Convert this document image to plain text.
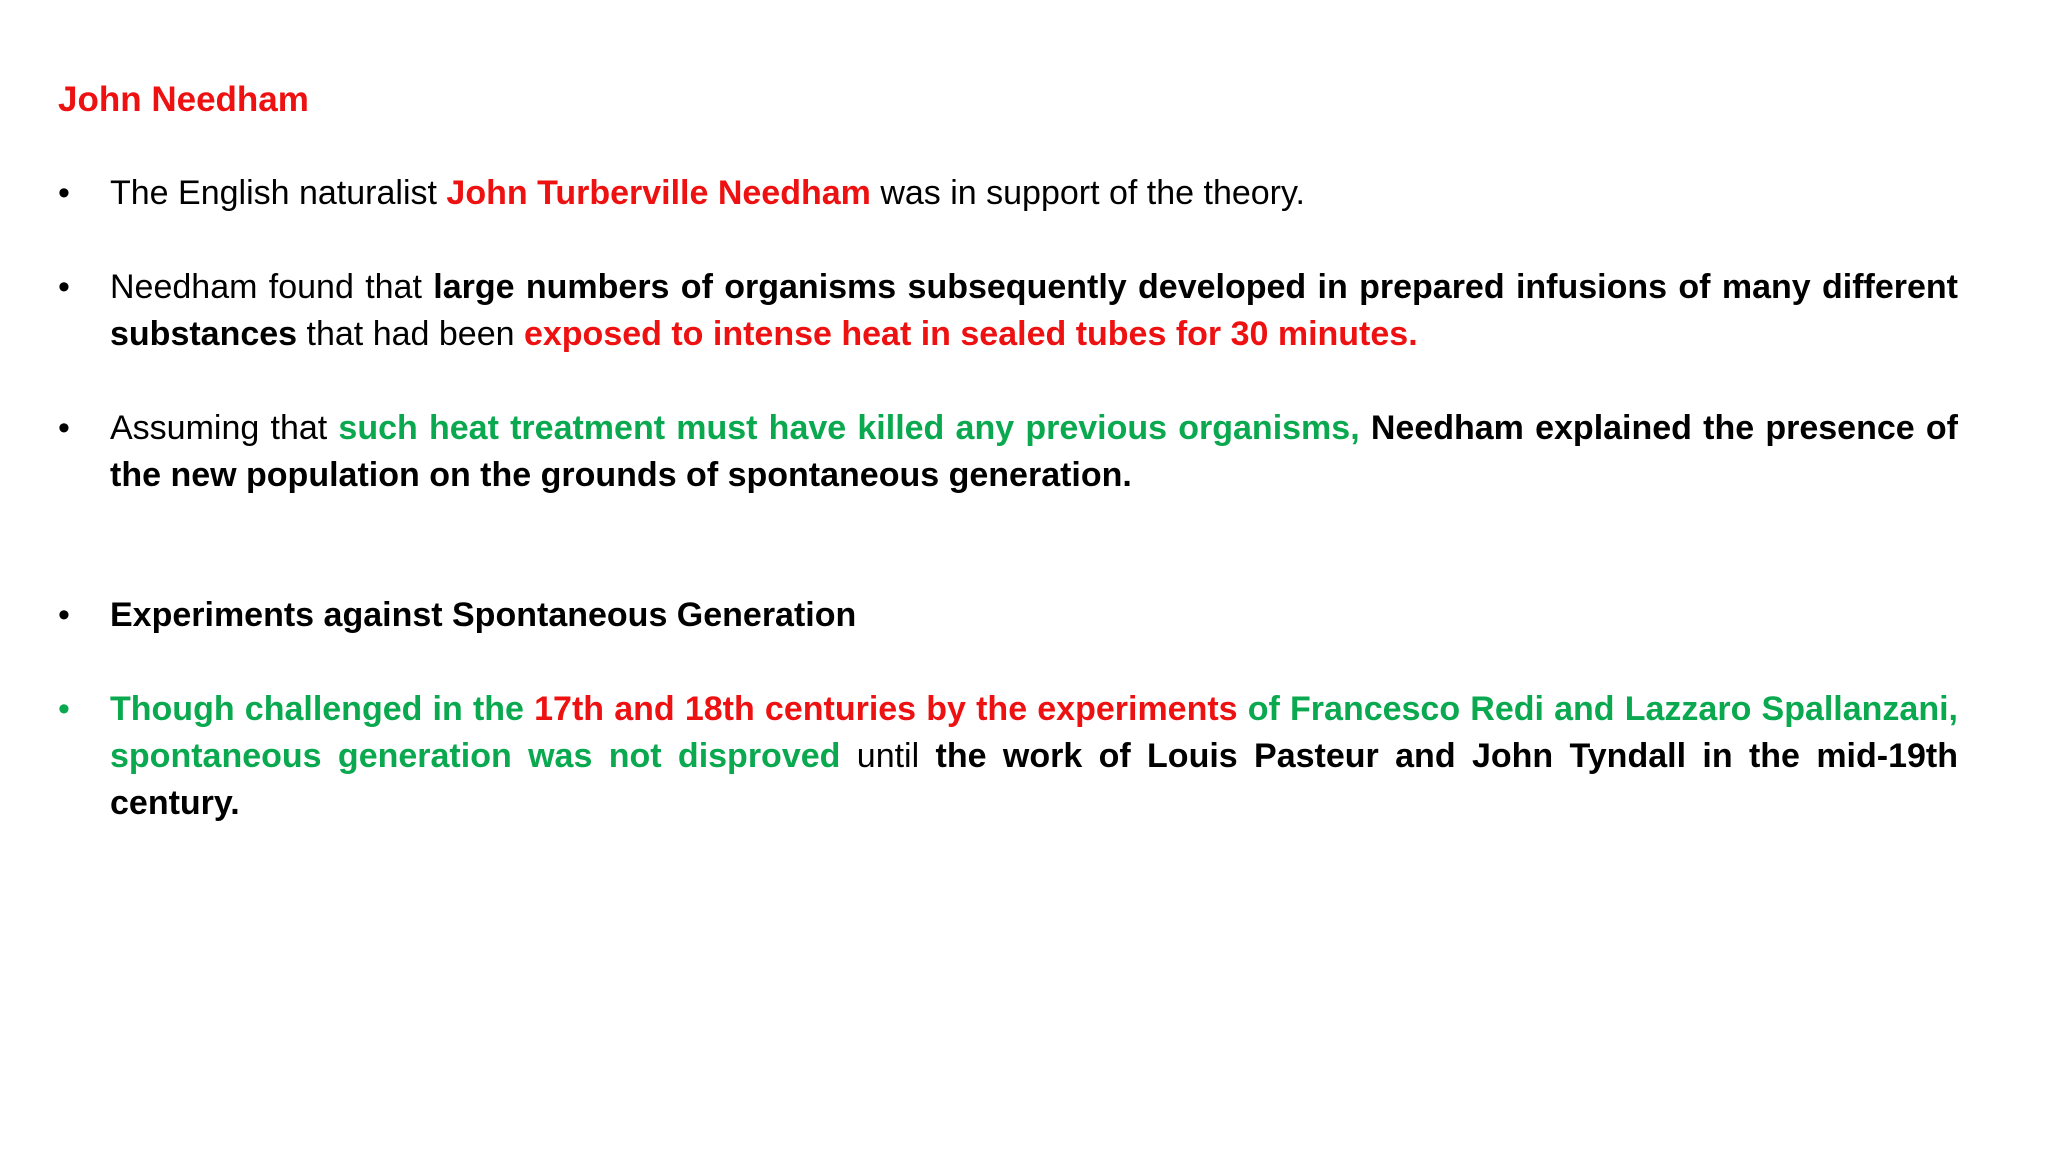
John Needham
•	The English naturalist John Turberville Needham was in support of the theory.
•	Needham found that large numbers of organisms subsequently developed in prepared infusions of many different substances that had been exposed to intense heat in sealed tubes for 30 minutes.
•	Assuming that such heat treatment must have killed any previous organisms, Needham explained the presence of the new population on the grounds of spontaneous generation.
•	Experiments against Spontaneous Generation
•	Though challenged in the 17th and 18th centuries by the experiments of Francesco Redi and Lazzaro Spallanzani, spontaneous generation was not disproved until the work of Louis Pasteur and John Tyndall in the mid-19th century.
